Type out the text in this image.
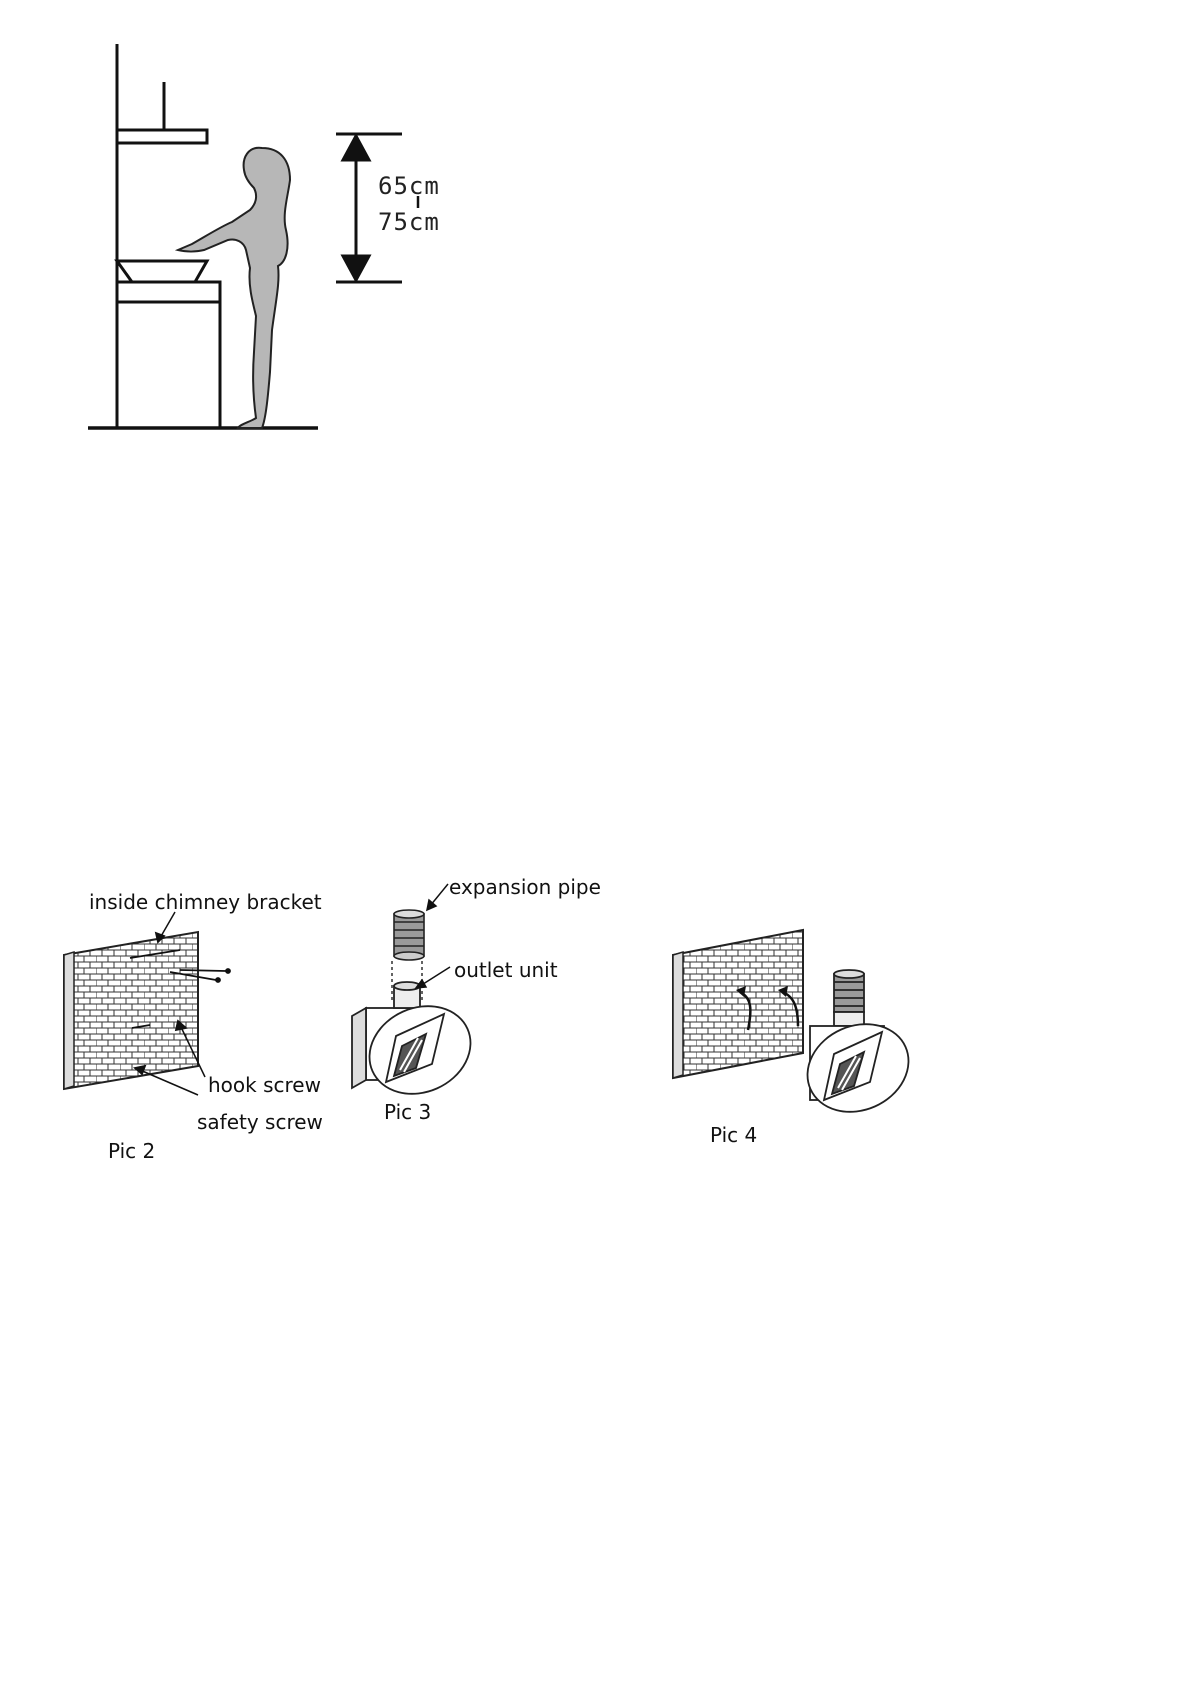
65cm
75cm
inside chimney bracket
hook screw
safety screw
Pic 2
expansion pipe
outlet unit
Pic 3
Pic 4
